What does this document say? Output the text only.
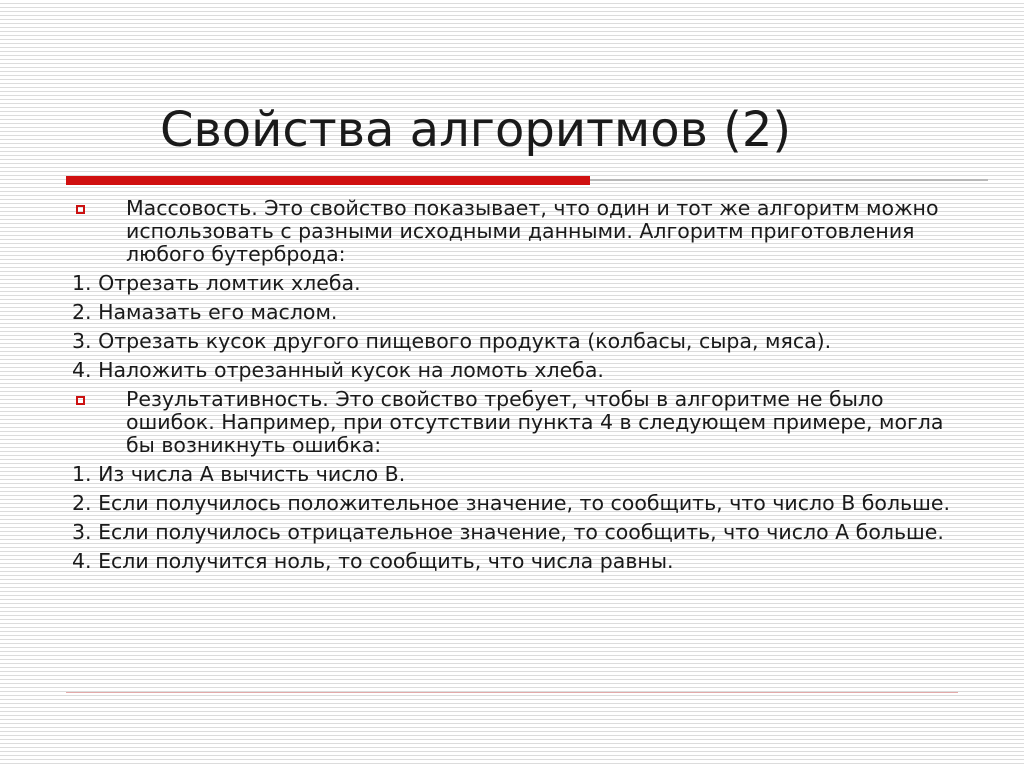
Свойства алгоритмов (2)
Массовость. Это свойство показывает, что один и тот же алгоритм можно использовать с разными исходными данными. Алгоритм приготовления любого бутерброда:
1. Отрезать ломтик хлеба.
2. Намазать его маслом.
3. Отрезать кусок другого пищевого продукта (колбасы, сыра, мяса).
4. Наложить отрезанный кусок на ломоть хлеба.
Результативность. Это свойство требует, чтобы в алгоритме не было ошибок. Например, при отсутствии пункта 4 в следующем примере, могла бы возникнуть ошибка:
1. Из числа А вычисть число В.
2. Если получилось положительное значение, то сообщить, что число В больше.
3. Если получилось отрицательное значение, то сообщить, что число А больше.
4. Если получится ноль, то сообщить, что числа равны.
